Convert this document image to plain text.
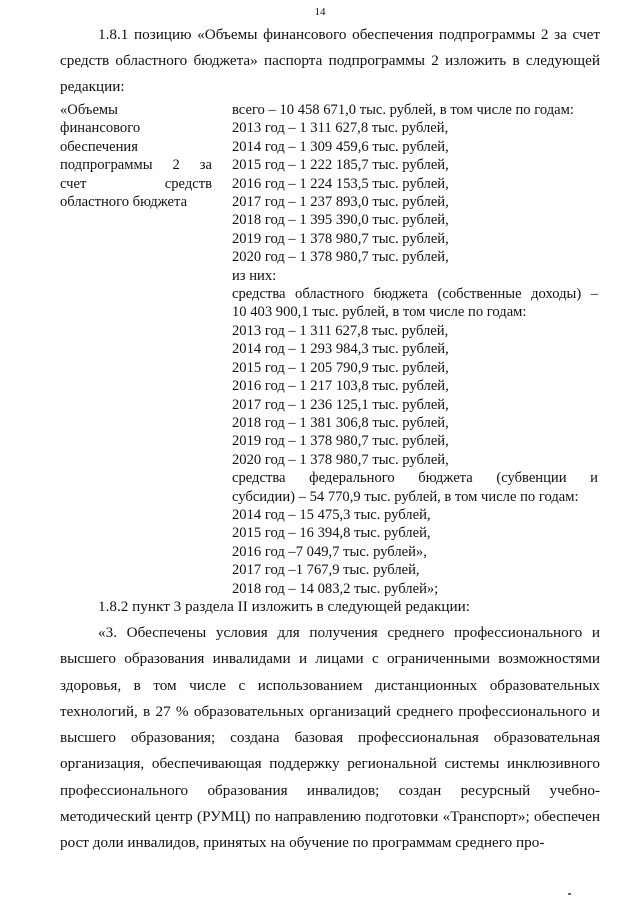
14
1.8.1 позицию «Объемы финансового обеспечения подпрограммы 2 за счет средств областного бюджета» паспорта подпрограммы 2 изложить в следующей редакции:
«Объемы
финансового
обеспечения
подпрограммы 2 за
счет средств
областного бюджета
всего – 10 458 671,0 тыс. рублей, в том числе по годам:
2013 год – 1 311 627,8 тыс. рублей,
2014 год – 1 309 459,6 тыс. рублей,
2015 год – 1 222 185,7 тыс. рублей,
2016 год – 1 224 153,5 тыс. рублей,
2017 год – 1 237 893,0 тыс. рублей,
2018 год – 1 395 390,0 тыс. рублей,
2019 год – 1 378 980,7 тыс. рублей,
2020 год – 1 378 980,7 тыс. рублей,
из них:
средства областного бюджета (собственные доходы) –
10 403 900,1 тыс. рублей, в том числе по годам:
2013 год – 1 311 627,8 тыс. рублей,
2014 год – 1 293 984,3 тыс. рублей,
2015 год – 1 205 790,9 тыс. рублей,
2016 год – 1 217 103,8 тыс. рублей,
2017 год – 1 236 125,1 тыс. рублей,
2018 год – 1 381 306,8 тыс. рублей,
2019 год – 1 378 980,7 тыс. рублей,
2020 год – 1 378 980,7 тыс. рублей,
средства федерального бюджета (субвенции и
субсидии) – 54 770,9 тыс. рублей, в том числе по годам:
2014 год – 15 475,3 тыс. рублей,
2015 год – 16 394,8 тыс. рублей,
2016 год –7 049,7 тыс. рублей»,
2017 год –1 767,9 тыс. рублей,
2018 год – 14 083,2 тыс. рублей»;
1.8.2 пункт 3 раздела II изложить в следующей редакции:
«3. Обеспечены условия для получения среднего профессионального и высшего образования инвалидами и лицами с ограниченными возможностями здоровья, в том числе с использованием дистанционных образовательных технологий, в 27 % образовательных организаций среднего профессионального и высшего образования; создана базовая профессиональная образовательная организация, обеспечивающая поддержку региональной системы инклюзивного профессионального образования инвалидов; создан ресурсный учебно-методический центр (РУМЦ) по направлению подготовки «Транспорт»; обеспечен рост доли инвалидов, принятых на обучение по программам среднего про-
